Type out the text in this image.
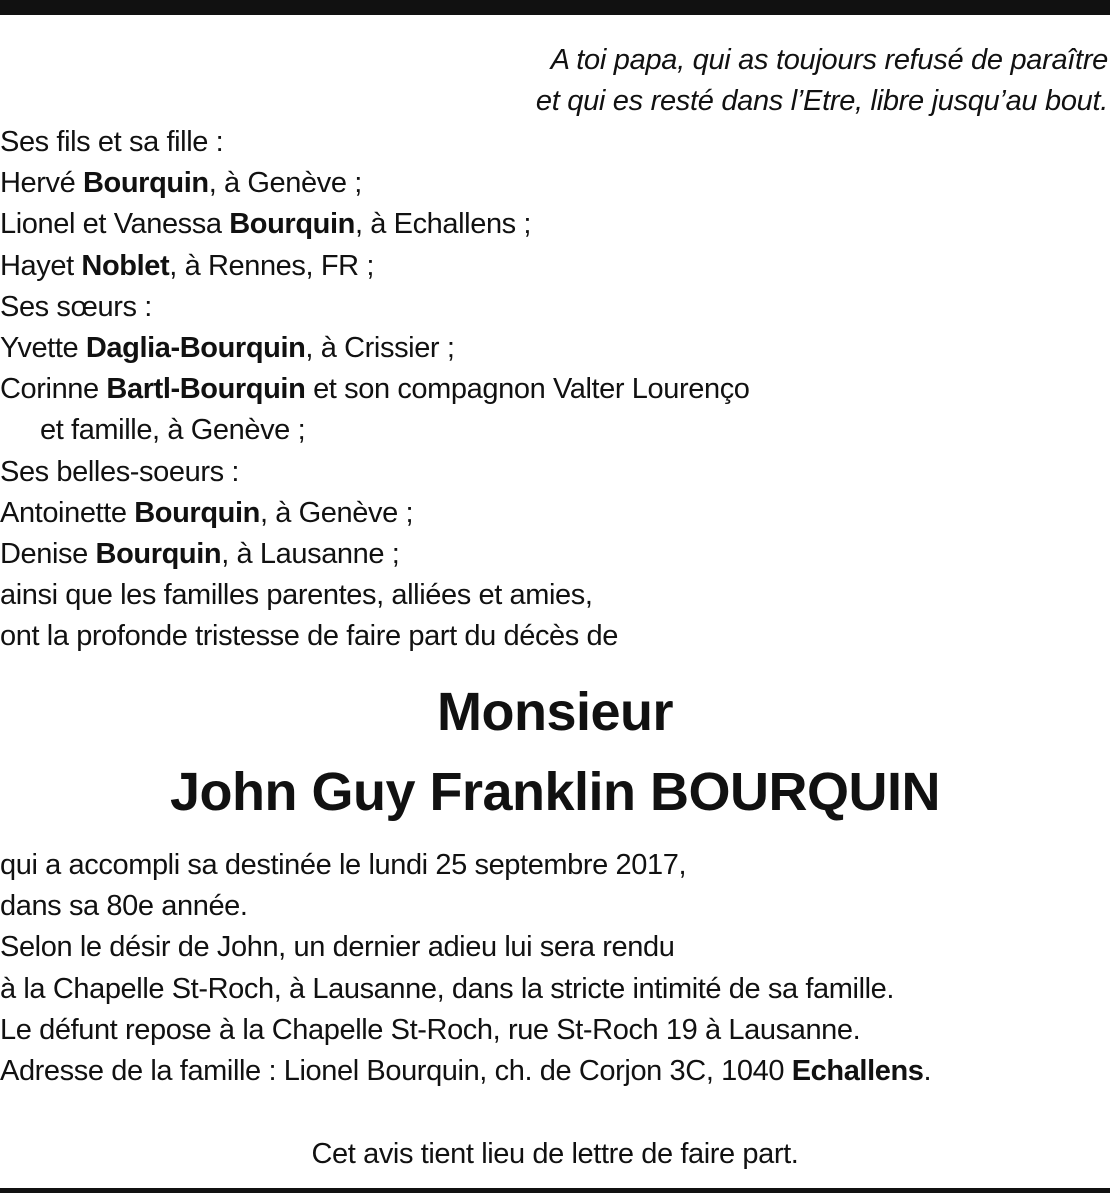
A toi papa, qui as toujours refusé de paraître
et qui es resté dans l’Etre, libre jusqu’au bout.
Ses fils et sa fille :
Hervé Bourquin, à Genève ;
Lionel et Vanessa Bourquin, à Echallens ;
Hayet Noblet, à Rennes, FR ;
Ses sœurs :
Yvette Daglia-Bourquin, à Crissier ;
Corinne Bartl-Bourquin et son compagnon Valter Lourenço
et famille, à Genève ;
Ses belles-soeurs :
Antoinette Bourquin, à Genève ;
Denise Bourquin, à Lausanne ;
ainsi que les familles parentes, alliées et amies,
ont la profonde tristesse de faire part du décès de
Monsieur
John Guy Franklin BOURQUIN
qui a accompli sa destinée le lundi 25 septembre 2017,
dans sa 80e année.
Selon le désir de John, un dernier adieu lui sera rendu
à la Chapelle St-Roch, à Lausanne, dans la stricte intimité de sa famille.
Le défunt repose à la Chapelle St-Roch, rue St-Roch 19 à Lausanne.
Adresse de la famille : Lionel Bourquin, ch. de Corjon 3C, 1040 Echallens.
Cet avis tient lieu de lettre de faire part.
